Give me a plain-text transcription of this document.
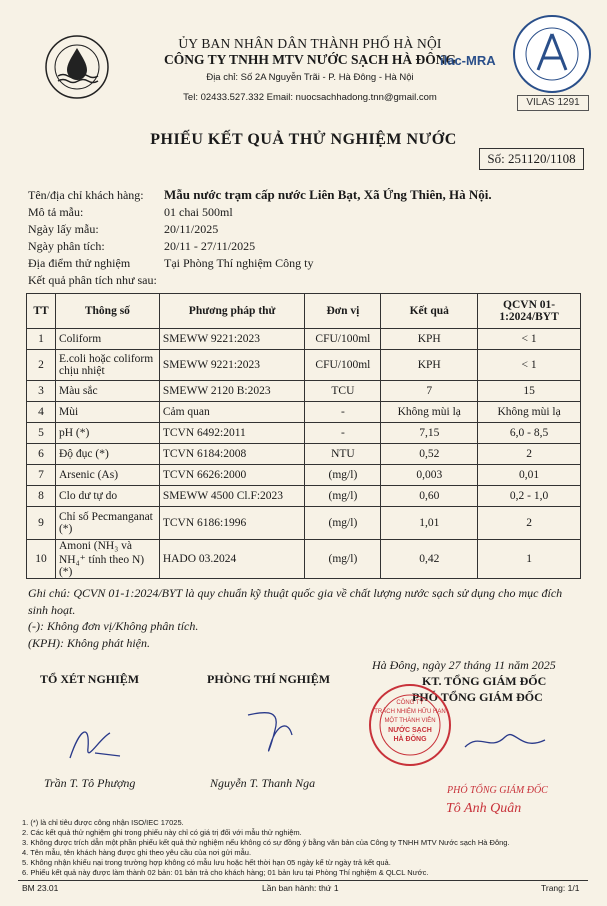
ỦY BAN NHÂN DÂN THÀNH PHỐ HÀ NỘI
CÔNG TY TNHH MTV NƯỚC SẠCH HÀ ĐÔNG
Địa chỉ: Số 2A Nguyễn Trãi - P. Hà Đông - Hà Nội
Tel: 02433.527.332 Email: nuocsachhadong.tnn@gmail.com
ilac-MRA
VILAS 1291
PHIẾU KẾT QUẢ THỬ NGHIỆM NƯỚC
Số: 251120/1108
Tên/địa chỉ khách hàng: Mẫu nước trạm cấp nước Liên Bạt, Xã Ứng Thiên, Hà Nội.
Mô tả mẫu:	01 chai 500ml
Ngày lấy mẫu:	20/11/2025
Ngày phân tích:	20/11 - 27/11/2025
Địa điểm thử nghiệm	Tại Phòng Thí nghiệm Công ty
Kết quả phân tích như sau:
TT	Thông số	Phương pháp thử	Đơn vị	Kết quả	QCVN 01-1:2024/BYT
1	Coliform	SMEWW 9221:2023	CFU/100ml	KPH	< 1
2	E.coli hoặc coliform chịu nhiệt	SMEWW 9221:2023	CFU/100ml	KPH	< 1
3	Màu sắc	SMEWW 2120 B:2023	TCU	7	15
4	Mùi	Cảm quan	-	Không mùi lạ	Không mùi lạ
5	pH (*)	TCVN 6492:2011	-	7,15	6,0 - 8,5
6	Độ đục (*)	TCVN 6184:2008	NTU	0,52	2
7	Arsenic (As)	TCVN 6626:2000	(mg/l)	0,003	0,01
8	Clo dư tự do	SMEWW 4500 Cl.F:2023	(mg/l)	0,60	0,2 - 1,0
9	Chỉ số Pecmanganat (*)	TCVN 6186:1996	(mg/l)	1,01	2
10	Amoni (NH₃ và NH₄⁺ tính theo N) (*)	HADO 03.2024	(mg/l)	0,42	1
Ghi chú: QCVN 01-1:2024/BYT là quy chuẩn kỹ thuật quốc gia về chất lượng nước sạch sử dụng cho mục đích sinh hoạt.
(-): Không đơn vị/Không phân tích.
(KPH): Không phát hiện.
Hà Đông, ngày 27 tháng 11 năm 2025
TỔ XÉT NGHIỆM	PHÒNG THÍ NGHIỆM	KT. TỔNG GIÁM ĐỐC
PHÓ TỔNG GIÁM ĐỐC
CÔNG TY
TRÁCH NHIỆM HỮU HẠN
MỘT THÀNH VIÊN
NƯỚC SẠCH
HÀ ĐÔNG
Trần T. Tô Phượng	Nguyễn T. Thanh Nga
PHÓ TỔNG GIÁM ĐỐC
Tô Anh Quân
1. (*) là chỉ tiêu được công nhận ISO/IEC 17025.
2. Các kết quả thử nghiệm ghi trong phiếu này chỉ có giá trị đối với mẫu thử nghiệm.
3. Không được trích dẫn một phần phiếu kết quả thử nghiệm nếu không có sự đồng ý bằng văn bản của Công ty TNHH MTV Nước sạch Hà Đông.
4. Tên mẫu, tên khách hàng được ghi theo yêu cầu của nơi gửi mẫu.
5. Không nhận khiếu nại trong trường hợp không có mẫu lưu hoặc hết thời hạn 05 ngày kể từ ngày trả kết quả.
6. Phiếu kết quả này được làm thành 02 bản: 01 bản trả cho khách hàng; 01 bản lưu tại Phòng Thí nghiệm & QLCL Nước.
BM 23.01	Lần ban hành: thứ 1	Trang: 1/1
